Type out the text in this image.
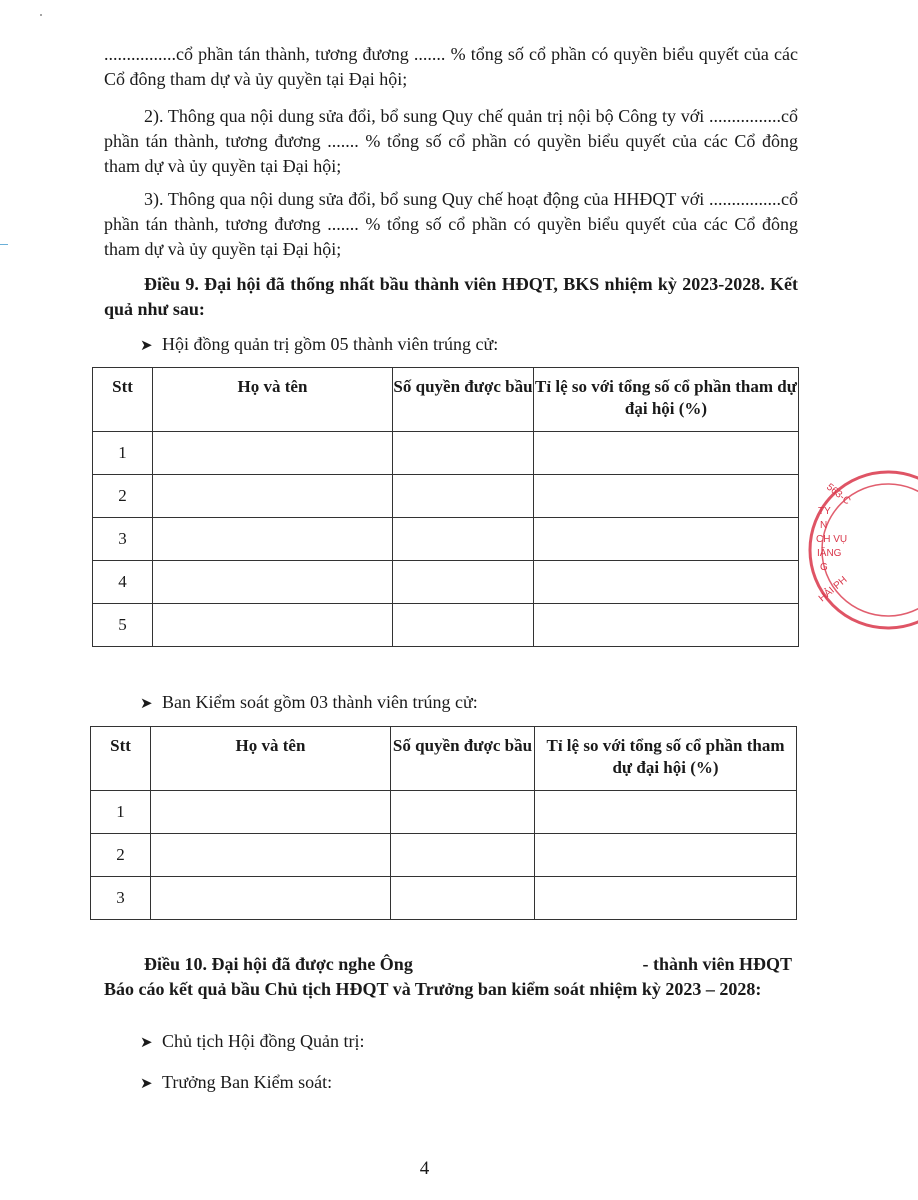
................cổ phần tán thành, tương đương ....... % tổng số cổ phần có quyền biểu quyết của các Cổ đông tham dự và ủy quyền tại Đại hội;

2). Thông qua nội dung sửa đổi, bổ sung Quy chế quản trị nội bộ Công ty với ................cổ phần tán thành, tương đương ....... % tổng số cổ phần có quyền biểu quyết của các Cổ đông tham dự và ủy quyền tại Đại hội;

3). Thông qua nội dung sửa đổi, bổ sung Quy chế hoạt động của HHĐQT với ................cổ phần tán thành, tương đương ....... % tổng số cổ phần có quyền biểu quyết của các Cổ đông tham dự và ủy quyền tại Đại hội;

Điều 9. Đại hội đã thống nhất bầu thành viên HĐQT, BKS nhiệm kỳ 2023-2028. Kết quả như sau:

➤ Hội đồng quản trị gồm 05 thành viên trúng cử:
Stt	Họ và tên	Số quyền được bầu	Tỉ lệ so với tổng số cổ phần tham dự đại hội (%)
1			
2			
3			
4			
5			
➤ Ban Kiểm soát gồm 03 thành viên trúng cử:
Stt	Họ và tên	Số quyền được bầu	Tỉ lệ so với tổng số cổ phần tham dự đại hội (%)
1			
2			
3			
Điều 10. Đại hội đã được nghe Ông	- thành viên HĐQT

Báo cáo kết quả bầu Chủ tịch HĐQT và Trưởng ban kiểm soát nhiệm kỳ 2023 – 2028:

➤ Chủ tịch Hội đồng Quản trị:
➤ Trưởng Ban Kiểm soát:
4
563-C
TY
N
CH VỤ
IĂNG
G
HẢI PH
